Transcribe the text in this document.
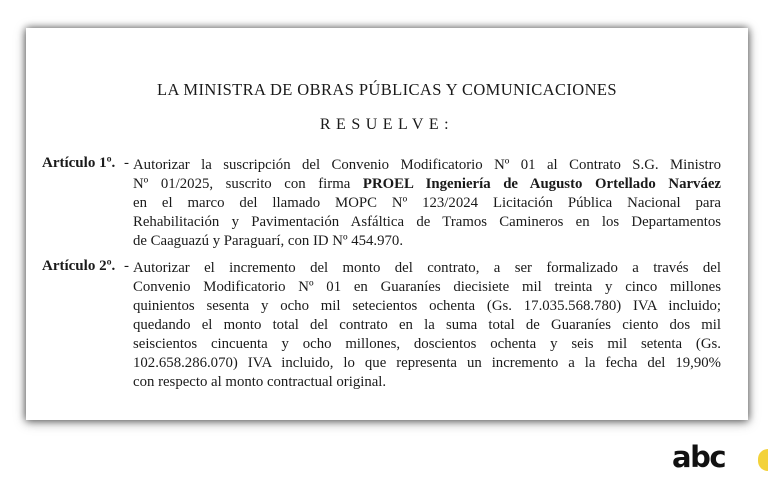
LA MINISTRA DE OBRAS PÚBLICAS Y COMUNICACIONES
RESUELVE:
Artículo 1º. - Autorizar la suscripción del Convenio Modificatorio Nº 01 al Contrato S.G. Ministro
Nº 01/2025, suscrito con firma PROEL Ingeniería de Augusto Ortellado Narváez
en el marco del llamado MOPC Nº 123/2024 Licitación Pública Nacional para
Rehabilitación y Pavimentación Asfáltica de Tramos Camineros en los Departamentos
de Caaguazú y Paraguarí, con ID Nº 454.970.
Artículo 2º. - Autorizar el incremento del monto del contrato, a ser formalizado a través del
Convenio Modificatorio Nº 01 en Guaraníes diecisiete mil treinta y cinco millones
quinientos sesenta y ocho mil setecientos ochenta (Gs. 17.035.568.780) IVA incluido;
quedando el monto total del contrato en la suma total de Guaraníes ciento dos mil
seiscientos cincuenta y ocho millones, doscientos ochenta y seis mil setenta (Gs.
102.658.286.070) IVA incluido, lo que representa un incremento a la fecha del 19,90%
con respecto al monto contractual original.
abc
